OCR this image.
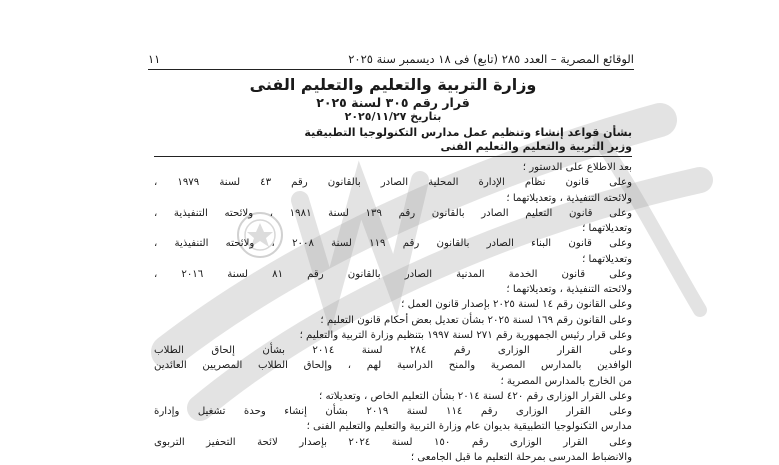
الوقائع المصرية – العدد ٢٨٥ (تابع) فى ١٨ ديسمبر سنة ٢٠٢٥
١١

وزارة التربية والتعليم والتعليم الفنى

قرار رقم ٣٠٥ لسنة ٢٠٢٥

بتاريخ ٢٠٢٥/١١/٢٧

بشأن قواعد إنشاء وتنظيم عمل مدارس التكنولوجيا التطبيقية

وزير التربية والتعليم والتعليم الفنى

بعد الاطلاع على الدستور ؛

وعلى قانون نظام الإدارة المحلية الصادر بالقانون رقم ٤٣ لسنة ١٩٧٩ ،

ولائحته التنفيذية ، وتعديلاتهما ؛

وعلى قانون التعليم الصادر بالقانون رقم ١٣٩ لسنة ١٩٨١ ، ولائحته التنفيذية ،

وتعديلاتهما ؛

وعلى قانون البناء الصادر بالقانون رقم ١١٩ لسنة ٢٠٠٨ ، ولائحته التنفيذية ،

وتعديلاتهما ؛

وعلى قانون الخدمة المدنية الصادر بالقانون رقم ٨١ لسنة ٢٠١٦ ،

ولائحته التنفيذية ، وتعديلاتهما ؛

وعلى القانون رقم ١٤ لسنة ٢٠٢٥ بإصدار قانون العمل ؛

وعلى القانون رقم ١٦٩ لسنة ٢٠٢٥ بشأن تعديل بعض أحكام قانون التعليم ؛

وعلى قرار رئيس الجمهورية رقم ٢٧١ لسنة ١٩٩٧ بتنظيم وزارة التربية والتعليم ؛

وعلى القرار الوزارى رقم ٢٨٤ لسنة ٢٠١٤ بشأن إلحاق الطلاب

الوافدين بالمدارس المصرية والمنح الدراسية لهم ، وإلحاق الطلاب المصريين العائدين

من الخارج بالمدارس المصرية ؛

وعلى القرار الوزارى رقم ٤٢٠ لسنة ٢٠١٤ بشأن التعليم الخاص ، وتعديلاته ؛

وعلى القرار الوزارى رقم ١١٤ لسنة ٢٠١٩ بشأن إنشاء وحدة تشغيل وإدارة

مدارس التكنولوجيا التطبيقية بديوان عام وزارة التربية والتعليم والتعليم الفنى ؛

وعلى القرار الوزارى رقم ١٥٠ لسنة ٢٠٢٤ بإصدار لائحة التحفيز التربوى

والانضباط المدرسى بمرحلة التعليم ما قبل الجامعى ؛
